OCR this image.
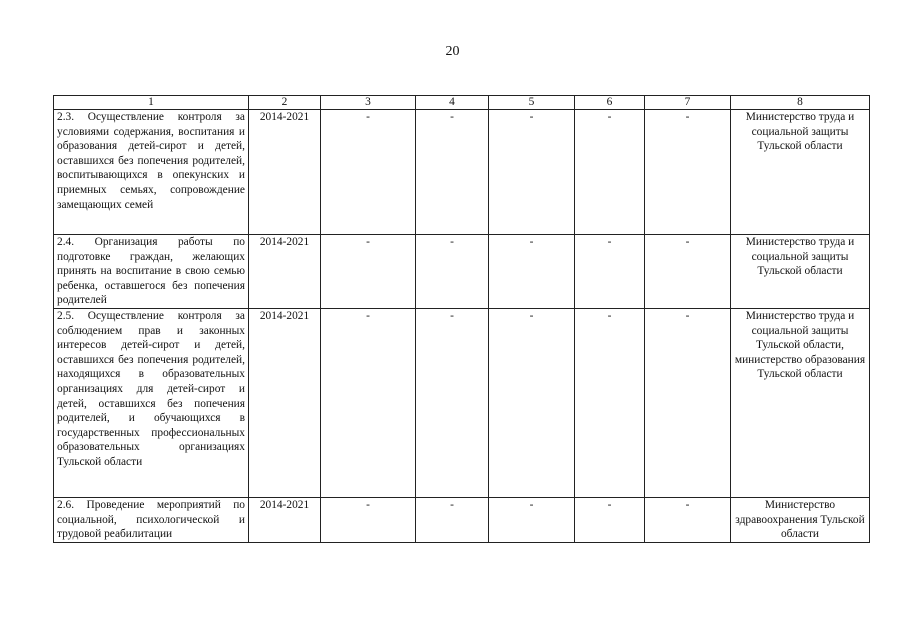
20
1	2	3	4	5	6	7	8
2.3. Осуществление контроля за условиями содержания, воспитания и образования детей-сирот и детей, оставшихся без попечения родителей, воспитывающихся в опекунских и приемных семьях, сопровождение замещающих семей	2014-2021	-	-	-	-	-	Министерство труда и социальной защиты Тульской области
2.4. Организация работы по подготовке граждан, желающих принять на воспитание в свою семью ребенка, оставшегося без попечения родителей	2014-2021	-	-	-	-	-	Министерство труда и социальной защиты Тульской области
2.5. Осуществление контроля за соблюдением прав и законных интересов детей-сирот и детей, оставшихся без попечения родителей, находящихся в образовательных организациях для детей-сирот и детей, оставшихся без попечения родителей, и обучающихся в государственных профессиональных образовательных организациях Тульской области	2014-2021	-	-	-	-	-	Министерство труда и социальной защиты Тульской области, министерство образования Тульской области
2.6. Проведение мероприятий по социальной, психологической и трудовой реабилитации	2014-2021	-	-	-	-	-	Министерство здравоохранения Тульской области
